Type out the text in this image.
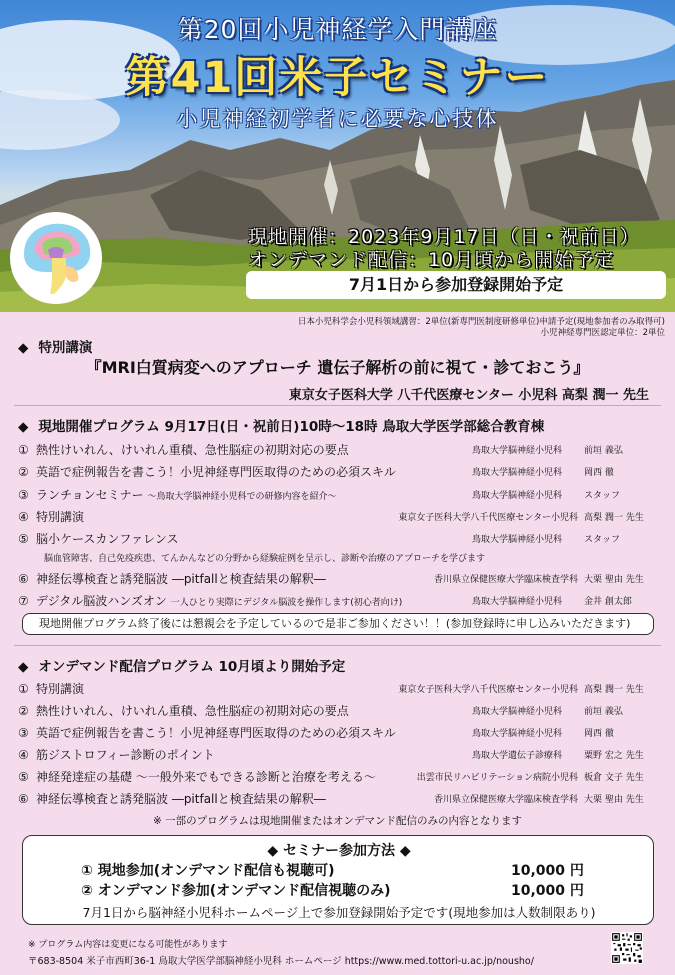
第20回小児神経学入門講座
第41回米子セミナー
小児神経初学者に必要な心技体
現地開催：2023年9月17日（日・祝前日）
オンデマンド配信：10月頃から開始予定
7月1日から参加登録開始予定
日本小児科学会小児科領域講習：2単位(新専門医制度研修単位)申請予定(現地参加者のみ取得可)
小児神経専門医認定単位：2単位
◆ 特別講演
『MRI白質病変へのアプローチ 遺伝子解析の前に視て・診ておこう』
東京女子医科大学 八千代医療センター 小児科 高梨 潤一 先生
◆ 現地開催プログラム 9月17日(日・祝前日)10時～18時 鳥取大学医学部総合教育棟
① 熱性けいれん、けいれん重積、急性脳症の初期対応の要点	鳥取大学脳神経小児科 前垣 義弘
② 英語で症例報告を書こう！小児神経専門医取得のための必須スキル	鳥取大学脳神経小児科 岡西 徹
③ ランチョンセミナー ～鳥取大学脳神経小児科での研修内容を紹介～	鳥取大学脳神経小児科 スタッフ
④ 特別講演	東京女子医科大学八千代医療センター小児科 高梨 潤一 先生
⑤ 脳小ケースカンファレンス	鳥取大学脳神経小児科 スタッフ
脳血管障害、自己免疫疾患、てんかんなどの分野から経験症例を呈示し、診断や治療のアプローチを学びます
⑥ 神経伝導検査と誘発脳波 ―pitfallと検査結果の解釈―	香川県立保健医療大学臨床検査学科 大栗 聖由 先生
⑦ デジタル脳波ハンズオン 一人ひとり実際にデジタル脳波を操作します(初心者向け)	鳥取大学脳神経小児科 金井 創太郎
現地開催プログラム終了後には懇親会を予定しているので是非ご参加ください！！(参加登録時に申し込みいただきます)
◆ オンデマンド配信プログラム 10月頃より開始予定
① 特別講演	東京女子医科大学八千代医療センター小児科 高梨 潤一 先生
② 熱性けいれん、けいれん重積、急性脳症の初期対応の要点	鳥取大学脳神経小児科 前垣 義弘
③ 英語で症例報告を書こう！小児神経専門医取得のための必須スキル	鳥取大学脳神経小児科 岡西 徹
④ 筋ジストロフィー診断のポイント	鳥取大学遺伝子診療科 粟野 宏之 先生
⑤ 神経発達症の基礎 ～一般外来でもできる診断と治療を考える～	出雲市民リハビリテーション病院小児科 板倉 文子 先生
⑥ 神経伝導検査と誘発脳波 ―pitfallと検査結果の解釈―	香川県立保健医療大学臨床検査学科 大栗 聖由 先生
※ 一部のプログラムは現地開催またはオンデマンド配信のみの内容となります
◆ セミナー参加方法 ◆
① 現地参加(オンデマンド配信も視聴可)	10,000 円
② オンデマンド参加(オンデマンド配信視聴のみ)	10,000 円
7月1日から脳神経小児科ホームページ上で参加登録開始予定です(現地参加は人数制限あり)
※ プログラム内容は変更になる可能性があります
〒683-8504 米子市西町36-1 鳥取大学医学部脳神経小児科 ホームページ https://www.med.tottori-u.ac.jp/nousho/
